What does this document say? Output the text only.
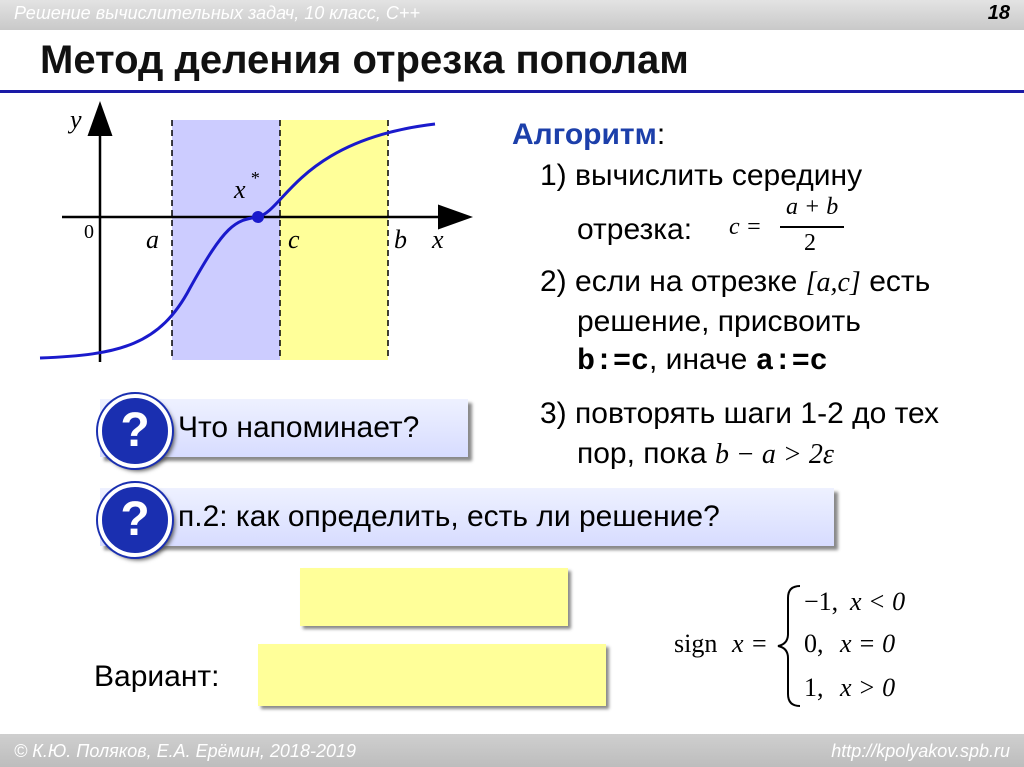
Решение вычислительных задач, 10 класс, С++	18
Метод деления отрезка пополам
y
x
0 a	c	b
x *
Алгоритм:
1) вычислить середину
отрезка: c =
a + b
2
2) если на отрезке [a,c] есть
решение, присвоить
b:=c, иначе a:=c
3) повторять шаги 1-2 до тех
пор, пока b − a > 2ε
Что напоминает?
?
п.2: как определить, есть ли решение?
?
Вариант:
sign x =
−1, x < 0
0, x = 0
1, x > 0
© К.Ю. Поляков, Е.А. Ерёмин, 2018-2019	http://kpolyakov.spb.ru
